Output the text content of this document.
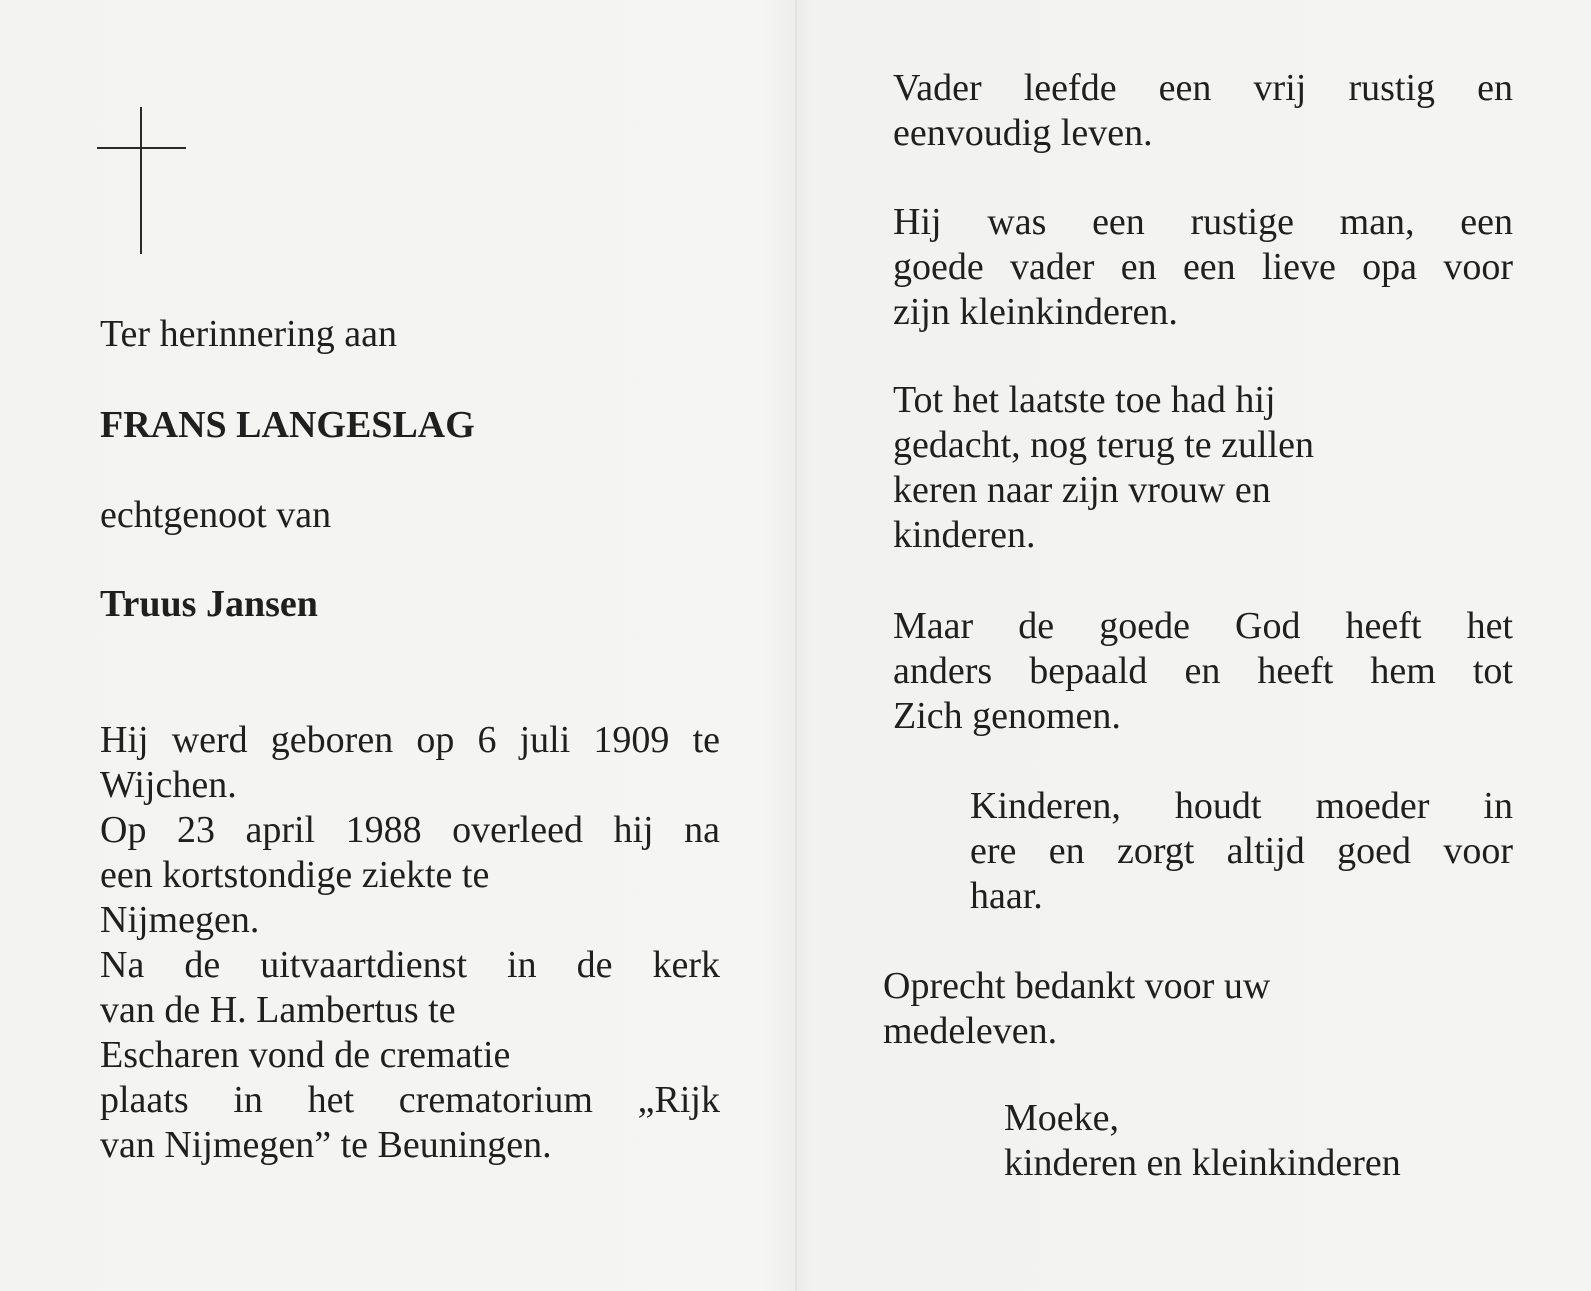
Ter herinnering aan

FRANS LANGESLAG

echtgenoot van

Truus Jansen

Hij werd geboren op 6 juli 1909 te
Wijchen.
Op 23 april 1988 overleed hij na
een kortstondige ziekte te
Nijmegen.
Na de uitvaartdienst in de kerk
van de H. Lambertus te
Escharen vond de crematie
plaats in het crematorium „Rijk
van Nijmegen” te Beuningen.
Vader leefde een vrij rustig en
eenvoudig leven.
Hij was een rustige man, een
goede vader en een lieve opa voor
zijn kleinkinderen.
Tot het laatste toe had hij
gedacht, nog terug te zullen
keren naar zijn vrouw en
kinderen.
Maar de goede God heeft het
anders bepaald en heeft hem tot
Zich genomen.
Kinderen, houdt moeder in
ere en zorgt altijd goed voor
haar.
Oprecht bedankt voor uw
medeleven.
Moeke,
kinderen en kleinkinderen
